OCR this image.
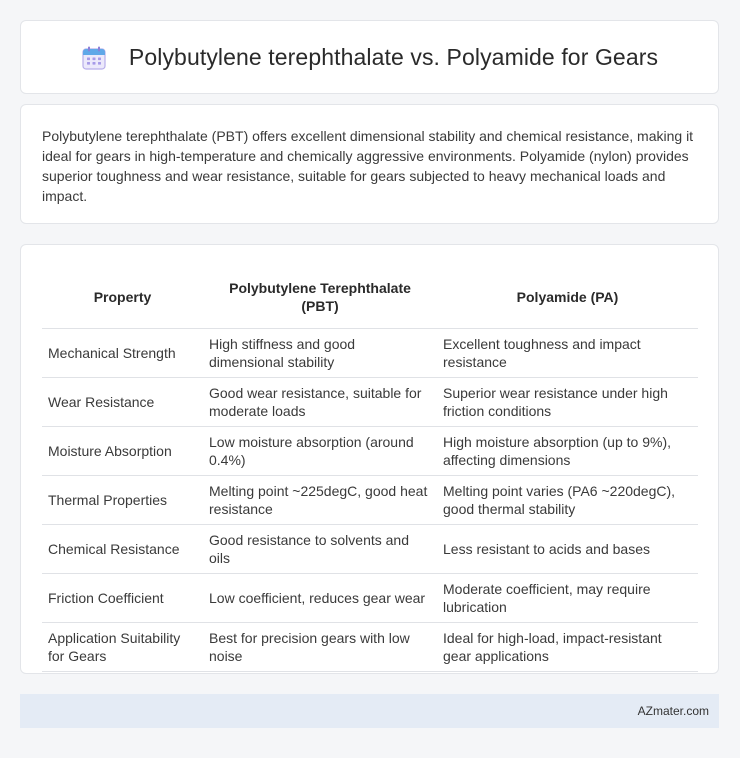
Polybutylene terephthalate vs. Polyamide for Gears

Polybutylene terephthalate (PBT) offers excellent dimensional stability and chemical resistance, making it ideal for gears in high-temperature and chemically aggressive environments. Polyamide (nylon) provides superior toughness and wear resistance, suitable for gears subjected to heavy mechanical loads and impact.

Property	Polybutylene Terephthalate (PBT)	Polyamide (PA)
Mechanical Strength	High stiffness and good dimensional stability	Excellent toughness and impact resistance
Wear Resistance	Good wear resistance, suitable for moderate loads	Superior wear resistance under high friction conditions
Moisture Absorption	Low moisture absorption (around 0.4%)	High moisture absorption (up to 9%), affecting dimensions
Thermal Properties	Melting point ~225degC, good heat resistance	Melting point varies (PA6 ~220degC), good thermal stability
Chemical Resistance	Good resistance to solvents and oils	Less resistant to acids and bases
Friction Coefficient	Low coefficient, reduces gear wear	Moderate coefficient, may require lubrication
Application Suitability for Gears	Best for precision gears with low noise	Ideal for high-load, impact-resistant gear applications
AZmater.com
